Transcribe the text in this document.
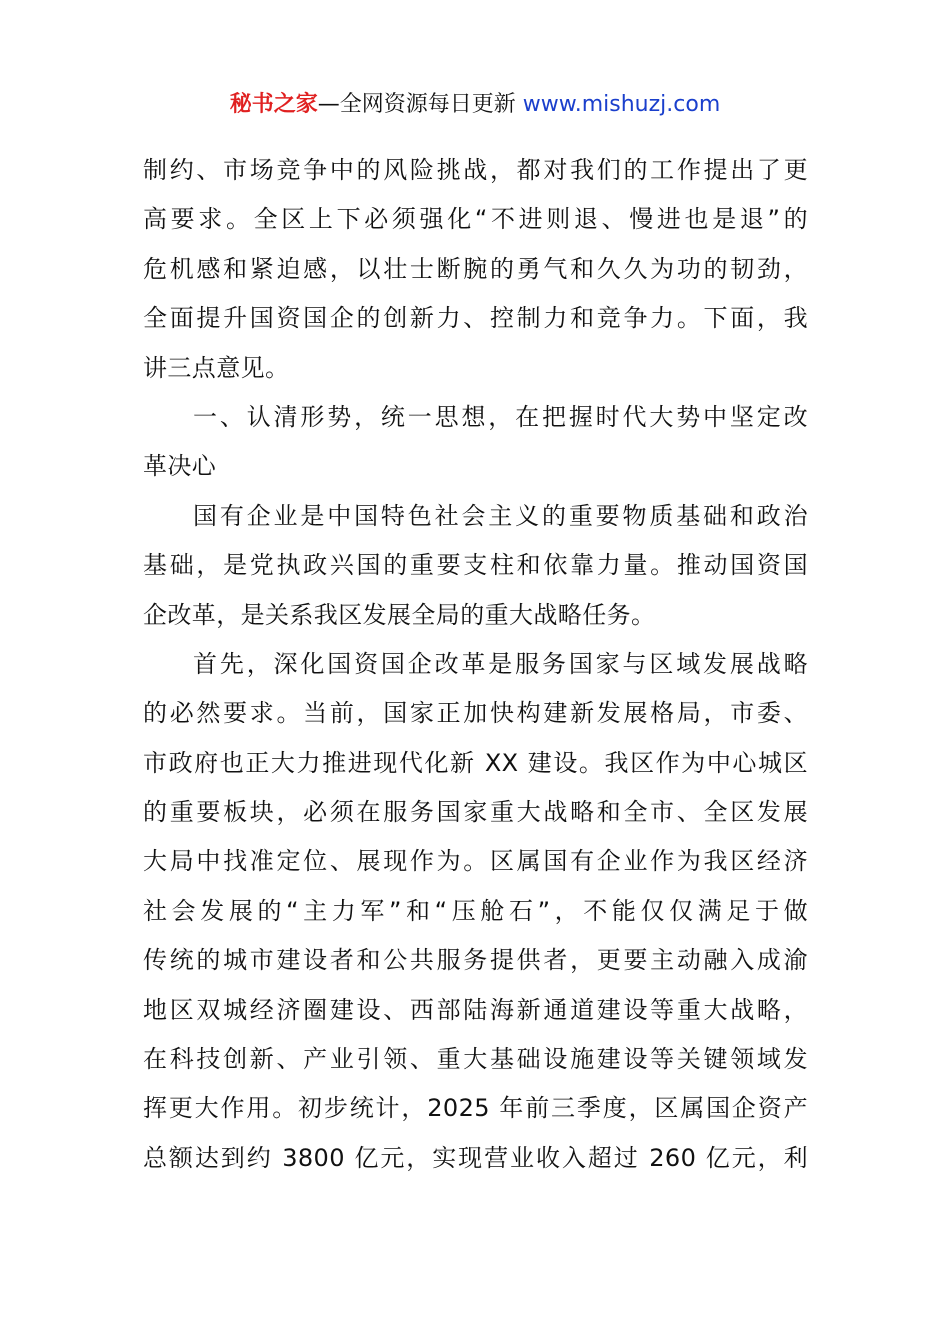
秘书之家—全网资源每日更新 www.mishuzj.com
制约、市场竞争中的风险挑战，都对我们的工作提出了更
高要求。全区上下必须强化“不进则退、慢进也是退”的
危机感和紧迫感，以壮士断腕的勇气和久久为功的韧劲，
全面提升国资国企的创新力、控制力和竞争力。下面，我
讲三点意见。
一、认清形势，统一思想，在把握时代大势中坚定改
革决心
国有企业是中国特色社会主义的重要物质基础和政治
基础，是党执政兴国的重要支柱和依靠力量。推动国资国
企改革，是关系我区发展全局的重大战略任务。
首先，深化国资国企改革是服务国家与区域发展战略
的必然要求。当前，国家正加快构建新发展格局，市委、
市政府也正大力推进现代化新 XX 建设。我区作为中心城区
的重要板块，必须在服务国家重大战略和全市、全区发展
大局中找准定位、展现作为。区属国有企业作为我区经济
社会发展的“主力军”和“压舱石”，不能仅仅满足于做
传统的城市建设者和公共服务提供者，更要主动融入成渝
地区双城经济圈建设、西部陆海新通道建设等重大战略，
在科技创新、产业引领、重大基础设施建设等关键领域发
挥更大作用。初步统计，2025 年前三季度，区属国企资产
总额达到约 3800 亿元，实现营业收入超过 260 亿元，利
